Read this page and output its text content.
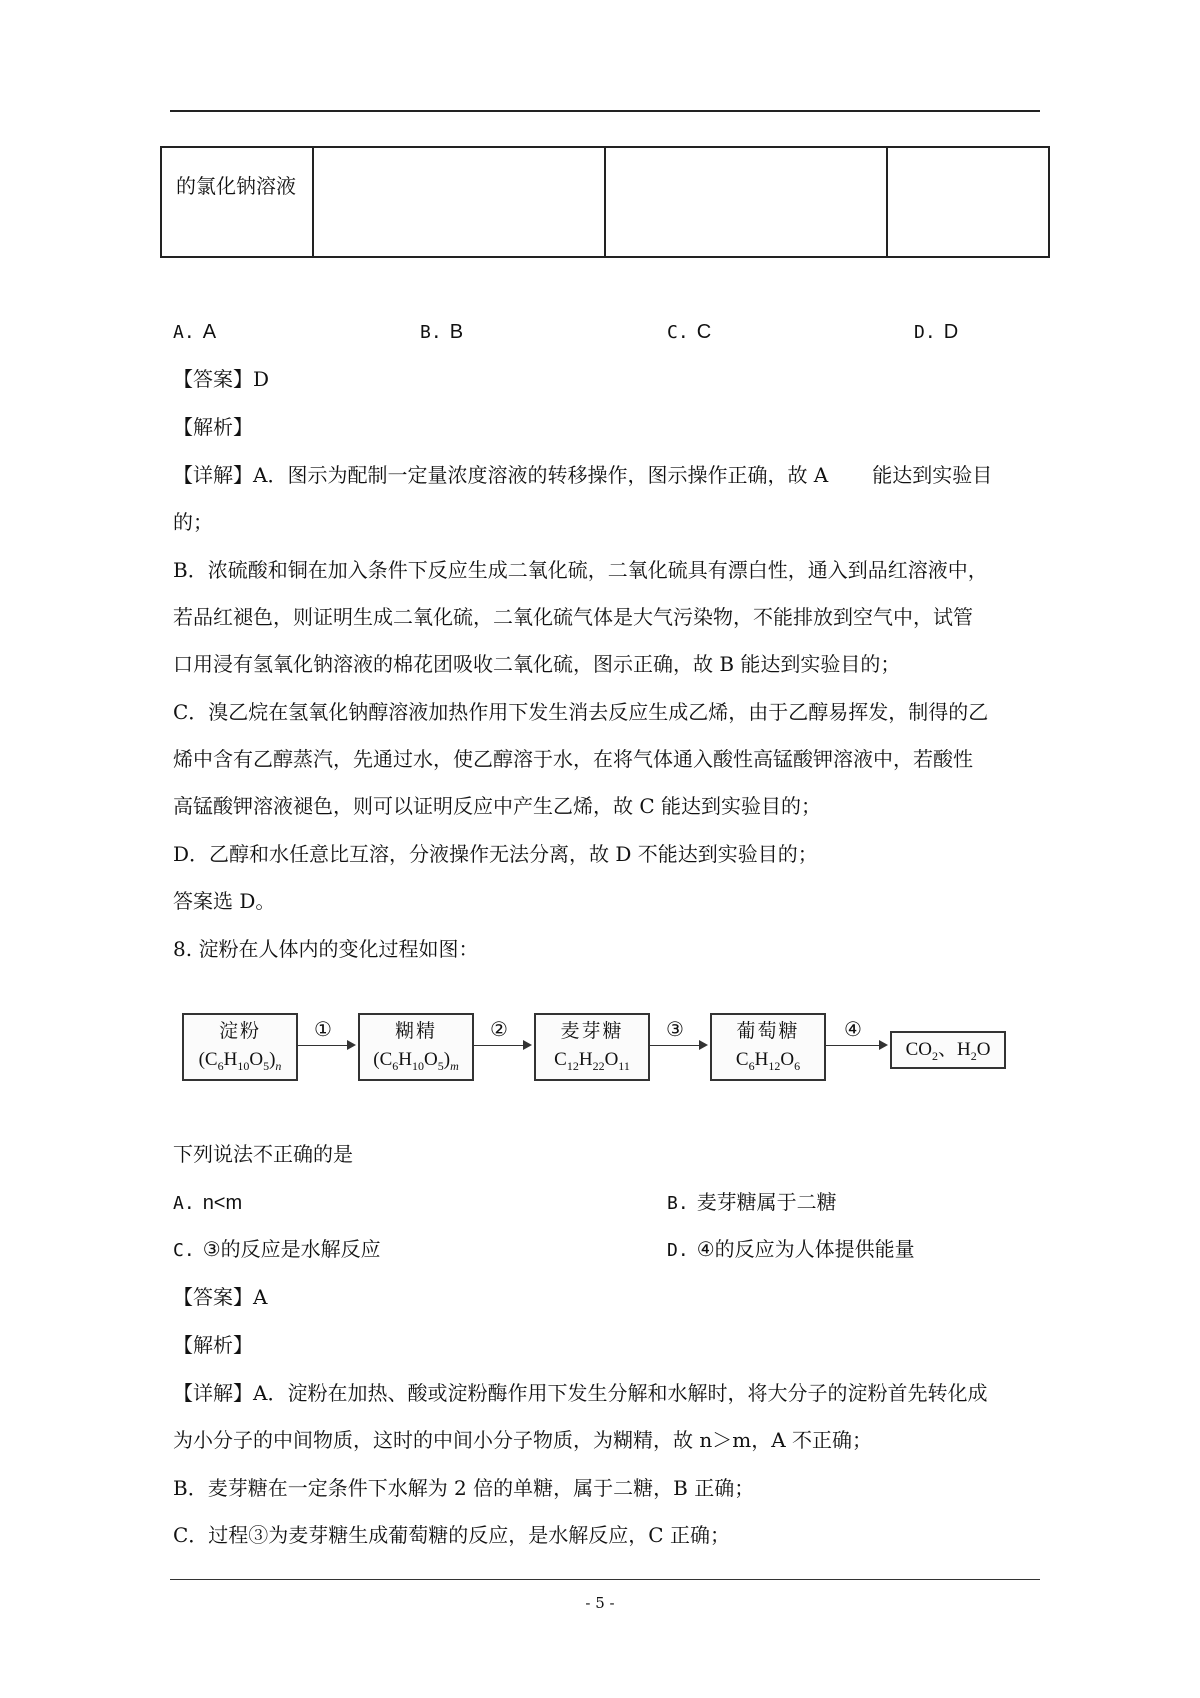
的氯化钠溶液

A. A	B. B	C. C	D. D
【答案】D
【解析】
【详解】A．图示为配制一定量浓度溶液的转移操作，图示操作正确，故 A 能达到实验目
的；
B．浓硫酸和铜在加入条件下反应生成二氧化硫，二氧化硫具有漂白性，通入到品红溶液中，
若品红褪色，则证明生成二氧化硫，二氧化硫气体是大气污染物，不能排放到空气中，试管
口用浸有氢氧化钠溶液的棉花团吸收二氧化硫，图示正确，故 B 能达到实验目的；
C．溴乙烷在氢氧化钠醇溶液加热作用下发生消去反应生成乙烯，由于乙醇易挥发，制得的乙
烯中含有乙醇蒸汽，先通过水，使乙醇溶于水，在将气体通入酸性高锰酸钾溶液中，若酸性
高锰酸钾溶液褪色，则可以证明反应中产生乙烯，故 C 能达到实验目的；
D．乙醇和水任意比互溶，分液操作无法分离，故 D 不能达到实验目的；
答案选 D。
8. 淀粉在人体内的变化过程如图：
淀粉
$(C_6H_{10}O_5)_n$
①	糊精
$(C_6H_{10}O_5)_m$
②	麦芽糖
$C_{12}H_{22}O_{11}$
③	葡萄糖
$C_6H_{12}O_6$
④
$CO_2$、$H_2O$
下列说法不正确的是
A. n<m	B. 麦芽糖属于二糖
C. ③的反应是水解反应	D. ④的反应为人体提供能量
【答案】A
【解析】
【详解】A．淀粉在加热、酸或淀粉酶作用下发生分解和水解时，将大分子的淀粉首先转化成
为小分子的中间物质，这时的中间小分子物质，为糊精，故 n＞m，A 不正确；
B．麦芽糖在一定条件下水解为 2 倍的单糖，属于二糖，B 正确；
C．过程③为麦芽糖生成葡萄糖的反应，是水解反应，C 正确；
- 5 -
